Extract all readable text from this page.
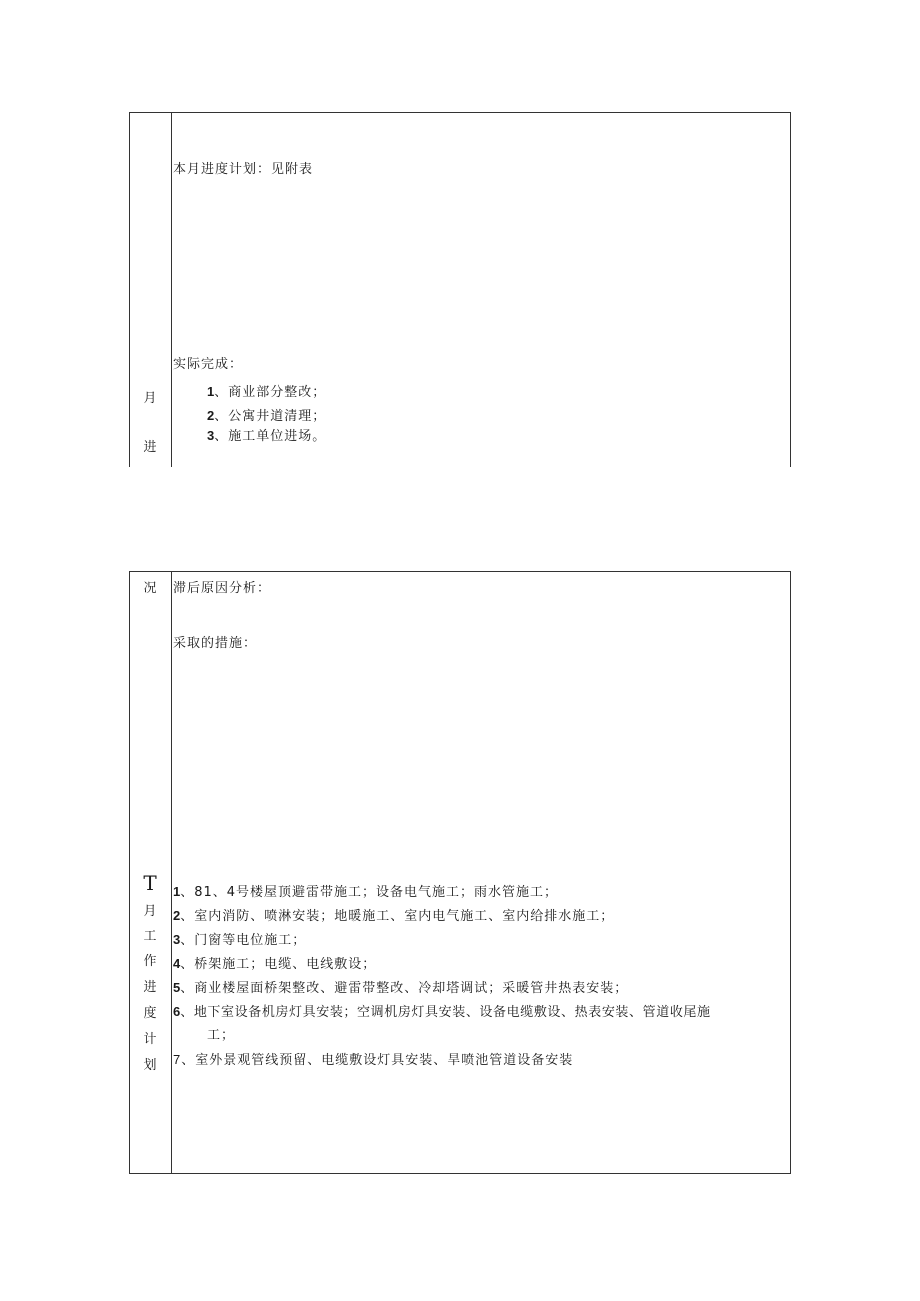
本月进度计划：见附表
实际完成：
1、商业部分整改；
2、公寓井道清理；
3、施工单位进场。
月
进
况	滞后原因分析：
采取的措施：
T
月
工
作
进
度
计
划
1、81、4号楼屋顶避雷带施工；设备电气施工；雨水管施工；
2、室内消防、喷淋安装；地暖施工、室内电气施工、室内给排水施工；
3、门窗等电位施工；
4、桥架施工；电缆、电线敷设；
5、商业楼屋面桥架整改、避雷带整改、冷却塔调试；采暖管井热表安装；
6、地下室设备机房灯具安装；空调机房灯具安装、设备电缆敷设、热表安装、管道收尾施
工；
7、室外景观管线预留、电缆敷设灯具安装、旱喷池管道设备安装
